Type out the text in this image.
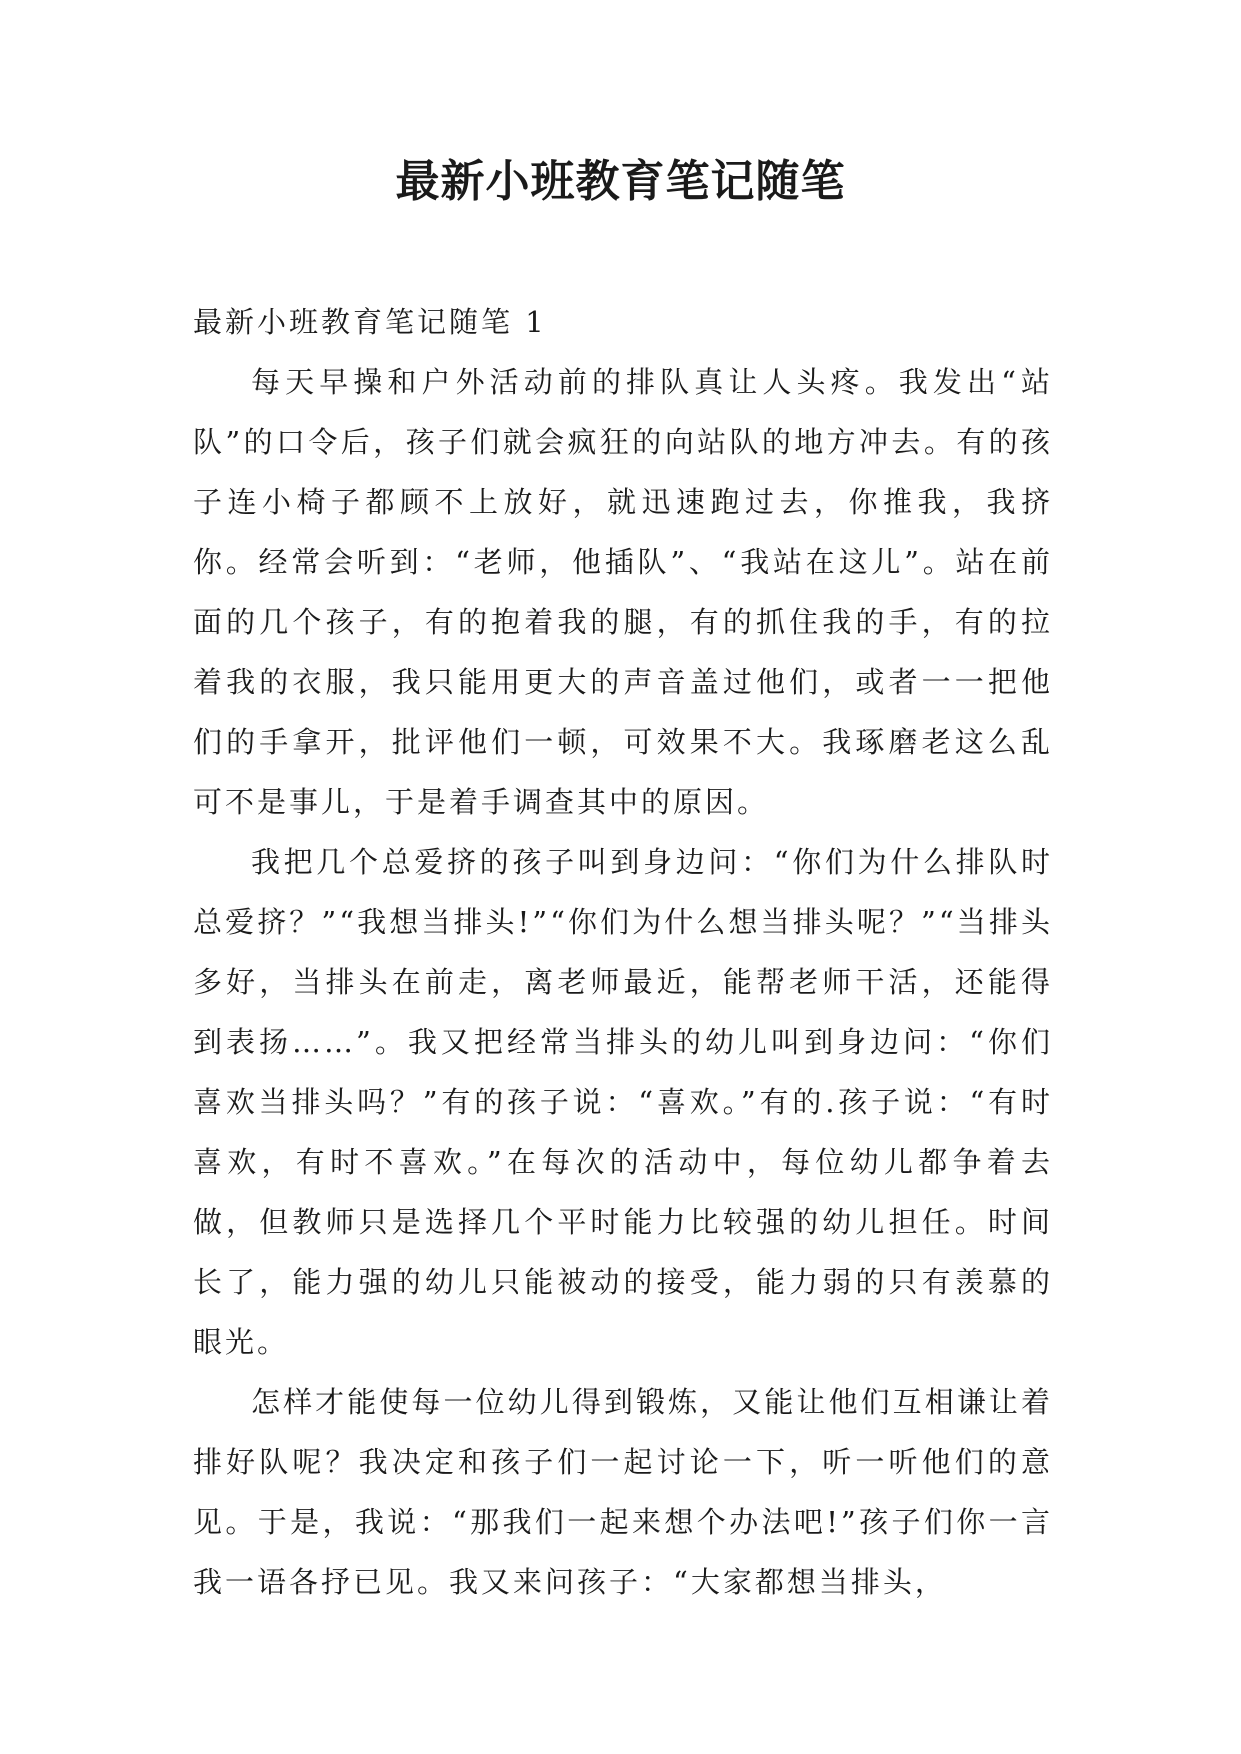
最新小班教育笔记随笔
最新小班教育笔记随笔 1

每天早操和户外活动前的排队真让人头疼。我发出“站队”的口令后，孩子们就会疯狂的向站队的地方冲去。有的孩子连小椅子都顾不上放好，就迅速跑过去，你推我，我挤你。经常会听到：“老师，他插队”、“我站在这儿”。站在前面的几个孩子，有的抱着我的腿，有的抓住我的手，有的拉着我的衣服，我只能用更大的声音盖过他们，或者一一把他们的手拿开，批评他们一顿，可效果不大。我琢磨老这么乱可不是事儿，于是着手调查其中的原因。

我把几个总爱挤的孩子叫到身边问：“你们为什么排队时总爱挤？”“我想当排头!”“你们为什么想当排头呢？”“当排头多好，当排头在前走，离老师最近，能帮老师干活，还能得到表扬……”。我又把经常当排头的幼儿叫到身边问：“你们喜欢当排头吗？”有的孩子说：“喜欢。”有的.孩子说：“有时喜欢，有时不喜欢。”在每次的活动中，每位幼儿都争着去做，但教师只是选择几个平时能力比较强的幼儿担任。时间长了，能力强的幼儿只能被动的接受，能力弱的只有羡慕的眼光。

怎样才能使每一位幼儿得到锻炼，又能让他们互相谦让着排好队呢？我决定和孩子们一起讨论一下，听一听他们的意见。于是，我说：“那我们一起来想个办法吧!”孩子们你一言我一语各抒已见。我又来问孩子：“大家都想当排头，
